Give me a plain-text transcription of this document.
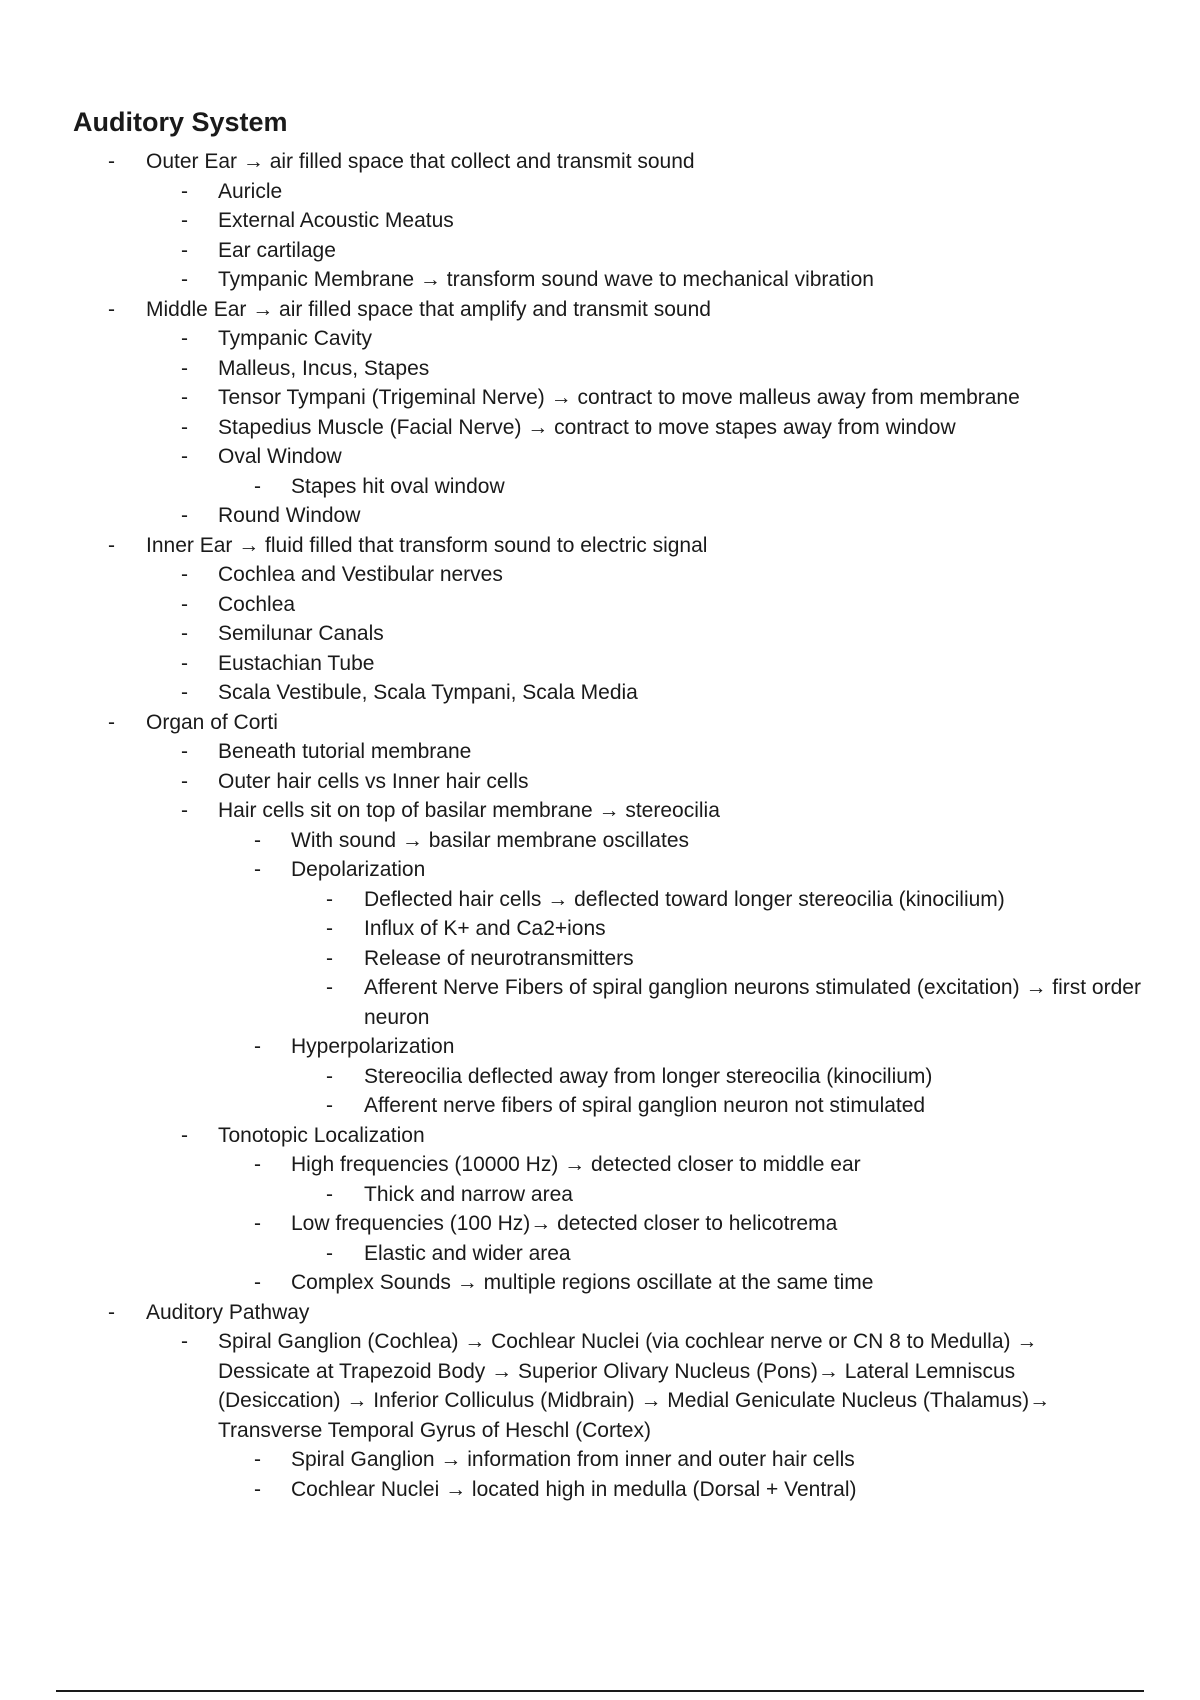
Auditory System
- Outer Ear → air filled space that collect and transmit sound
- Auricle
- External Acoustic Meatus
- Ear cartilage
- Tympanic Membrane → transform sound wave to mechanical vibration
- Middle Ear → air filled space that amplify and transmit sound
- Tympanic Cavity
- Malleus, Incus, Stapes
- Tensor Tympani (Trigeminal Nerve) → contract to move malleus away from membrane
- Stapedius Muscle (Facial Nerve) → contract to move stapes away from window
- Oval Window
- Stapes hit oval window
- Round Window
- Inner Ear → fluid filled that transform sound to electric signal
- Cochlea and Vestibular nerves
- Cochlea
- Semilunar Canals
- Eustachian Tube
- Scala Vestibule, Scala Tympani, Scala Media
- Organ of Corti
- Beneath tutorial membrane
- Outer hair cells vs Inner hair cells
- Hair cells sit on top of basilar membrane → stereocilia
- With sound → basilar membrane oscillates
- Depolarization
- Deflected hair cells → deflected toward longer stereocilia (kinocilium)
- Influx of K+ and Ca2+ions
- Release of neurotransmitters
- Afferent Nerve Fibers of spiral ganglion neurons stimulated (excitation) → first order neuron
- Hyperpolarization
- Stereocilia deflected away from longer stereocilia (kinocilium)
- Afferent nerve fibers of spiral ganglion neuron not stimulated
- Tonotopic Localization
- High frequencies (10000 Hz) → detected closer to middle ear
- Thick and narrow area
- Low frequencies (100 Hz)→ detected closer to helicotrema
- Elastic and wider area
- Complex Sounds → multiple regions oscillate at the same time
- Auditory Pathway
- Spiral Ganglion (Cochlea) → Cochlear Nuclei (via cochlear nerve or CN 8 to Medulla) → Dessicate at Trapezoid Body → Superior Olivary Nucleus (Pons)→ Lateral Lemniscus (Desiccation) → Inferior Colliculus (Midbrain) → Medial Geniculate Nucleus (Thalamus)→ Transverse Temporal Gyrus of Heschl (Cortex)
- Spiral Ganglion → information from inner and outer hair cells
- Cochlear Nuclei → located high in medulla (Dorsal + Ventral)
